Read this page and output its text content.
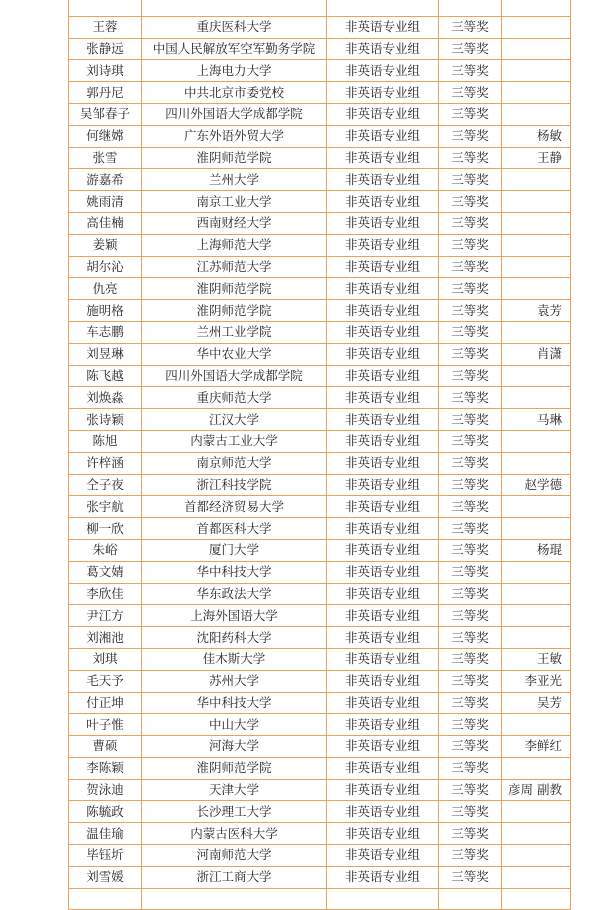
王蓉	重庆医科大学	非英语专业组	三等奖	
张静远	中国人民解放军空军勤务学院	非英语专业组	三等奖	
刘诗琪	上海电力大学	非英语专业组	三等奖	
郭丹尼	中共北京市委党校	非英语专业组	三等奖	
吴邹春子	四川外国语大学成都学院	非英语专业组	三等奖	
何继嫦	广东外语外贸大学	非英语专业组	三等奖	杨敏
张雪	淮阴师范学院	非英语专业组	三等奖	王静
游嘉希	兰州大学	非英语专业组	三等奖	
姚雨清	南京工业大学	非英语专业组	三等奖	
高佳楠	西南财经大学	非英语专业组	三等奖	
姜颖	上海师范大学	非英语专业组	三等奖	
胡尔沁	江苏师范大学	非英语专业组	三等奖	
仇亮	淮阴师范学院	非英语专业组	三等奖	
施明格	淮阴师范学院	非英语专业组	三等奖	袁芳
车志鹏	兰州工业学院	非英语专业组	三等奖	
刘昱琳	华中农业大学	非英语专业组	三等奖	肖潇
陈飞越	四川外国语大学成都学院	非英语专业组	三等奖	
刘焕淼	重庆师范大学	非英语专业组	三等奖	
张诗颖	江汉大学	非英语专业组	三等奖	马琳
陈旭	内蒙古工业大学	非英语专业组	三等奖	
许梓涵	南京师范大学	非英语专业组	三等奖	
仝子夜	浙江科技学院	非英语专业组	三等奖	赵学德
张宇航	首都经济贸易大学	非英语专业组	三等奖	
柳一欣	首都医科大学	非英语专业组	三等奖	
朱峪	厦门大学	非英语专业组	三等奖	杨琨
葛文婧	华中科技大学	非英语专业组	三等奖	
李欣佳	华东政法大学	非英语专业组	三等奖	
尹江方	上海外国语大学	非英语专业组	三等奖	
刘湘池	沈阳药科大学	非英语专业组	三等奖	
刘琪	佳木斯大学	非英语专业组	三等奖	王敏
毛天予	苏州大学	非英语专业组	三等奖	李亚光
付正坤	华中科技大学	非英语专业组	三等奖	吴芳
叶子惟	中山大学	非英语专业组	三等奖	
曹硕	河海大学	非英语专业组	三等奖	李鲜红
李陈颖	淮阴师范学院	非英语专业组	三等奖	
贺泳迪	天津大学	非英语专业组	三等奖	彦周 副教
陈毓政	长沙理工大学	非英语专业组	三等奖	
温佳瑜	内蒙古医科大学	非英语专业组	三等奖	
毕钰圻	河南师范大学	非英语专业组	三等奖	
刘雪媛	浙江工商大学	非英语专业组	三等奖	
